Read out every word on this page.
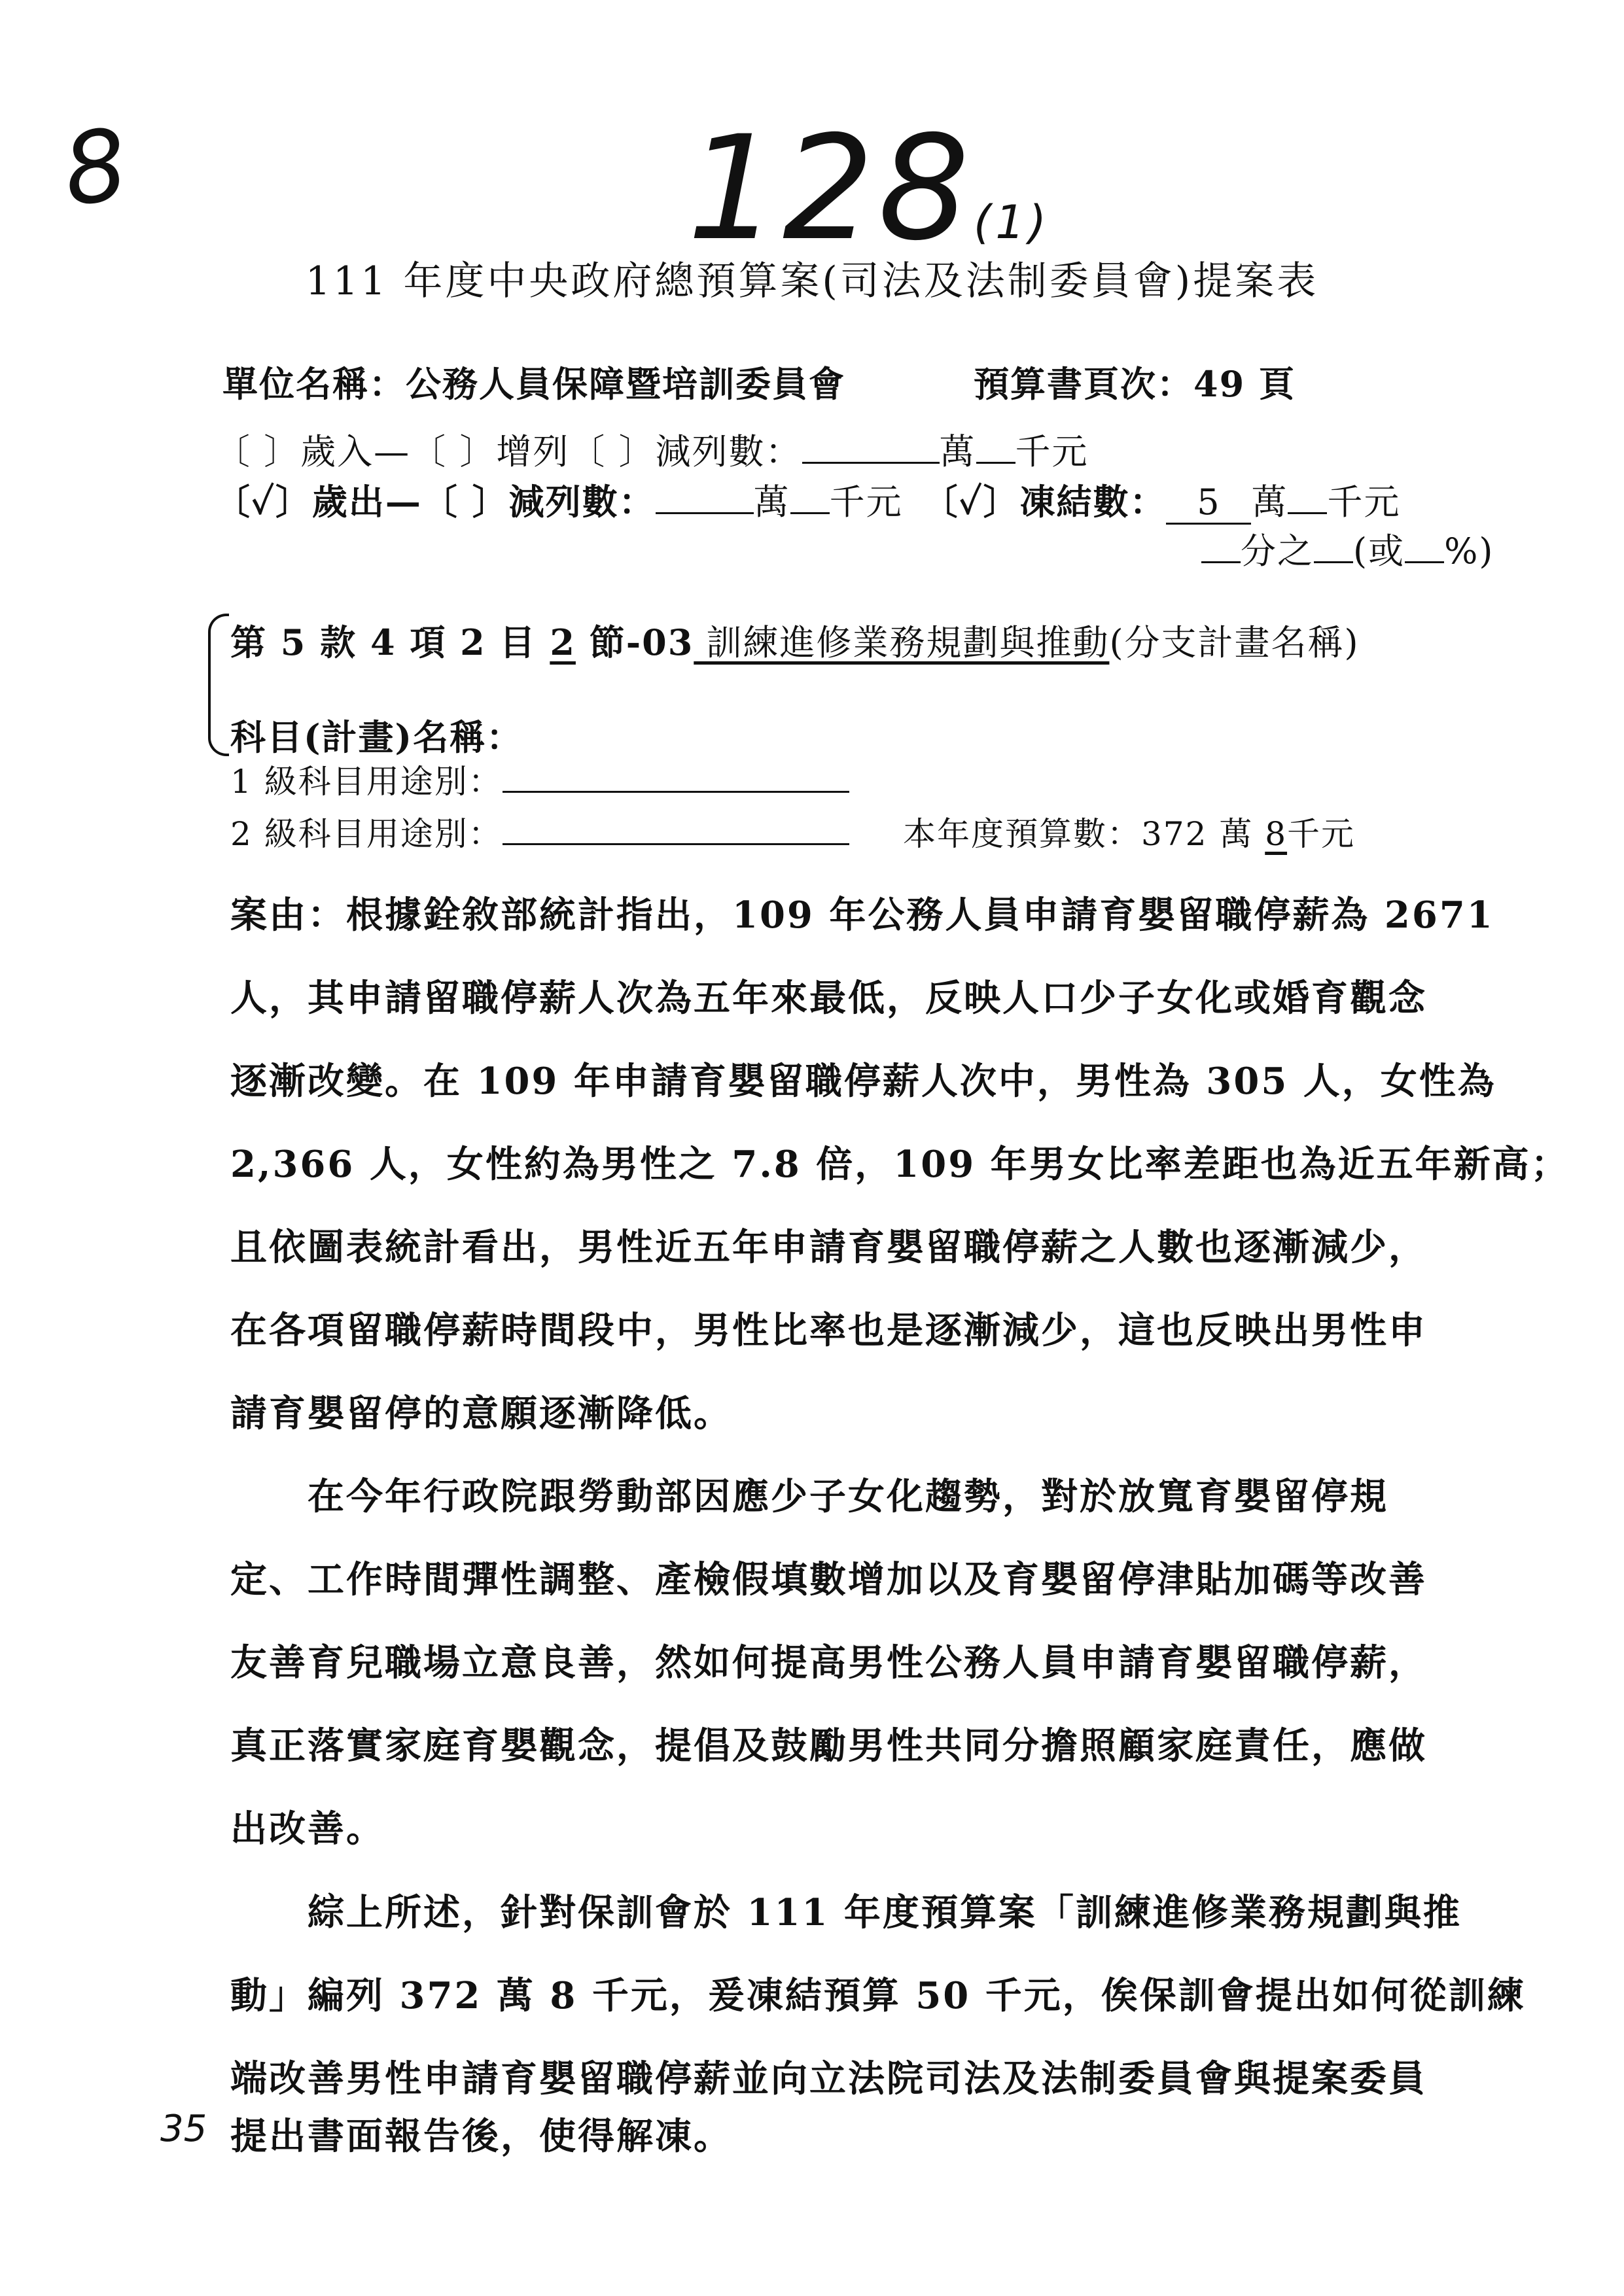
8	128(1)
35
111 年度中央政府總預算案(司法及法制委員會)提案表
單位名稱：公務人員保障暨培訓委員會	預算書頁次：49 頁
〔 〕歲入—〔 〕增列〔 〕減列數：	萬 千元
〔✓〕歲出—〔 〕減列數：	萬 千元 〔✓〕凍結數： 5 萬 千元
分之 (或 %)
第 5 款 4 項 2 目 2 節-03 訓練進修業務規劃與推動(分支計畫名稱)
科目(計畫)名稱：
1 級科目用途別：
2 級科目用途別：	本年度預算數：372 萬 8千元
案由：根據銓敘部統計指出，109 年公務人員申請育嬰留職停薪為 2671
人，其申請留職停薪人次為五年來最低，反映人口少子女化或婚育觀念
逐漸改變。在 109 年申請育嬰留職停薪人次中，男性為 305 人，女性為
2,366 人，女性約為男性之 7.8 倍，109 年男女比率差距也為近五年新高；
且依圖表統計看出，男性近五年申請育嬰留職停薪之人數也逐漸減少，
在各項留職停薪時間段中，男性比率也是逐漸減少，這也反映出男性申
請育嬰留停的意願逐漸降低。
在今年行政院跟勞動部因應少子女化趨勢，對於放寬育嬰留停規
定、工作時間彈性調整、產檢假填數增加以及育嬰留停津貼加碼等改善
友善育兒職場立意良善，然如何提高男性公務人員申請育嬰留職停薪，
真正落實家庭育嬰觀念，提倡及鼓勵男性共同分擔照顧家庭責任，應做
出改善。
綜上所述，針對保訓會於 111 年度預算案「訓練進修業務規劃與推
動」編列 372 萬 8 千元，爰凍結預算 50 千元，俟保訓會提出如何從訓練
端改善男性申請育嬰留職停薪並向立法院司法及法制委員會與提案委員
提出書面報告後，使得解凍。
